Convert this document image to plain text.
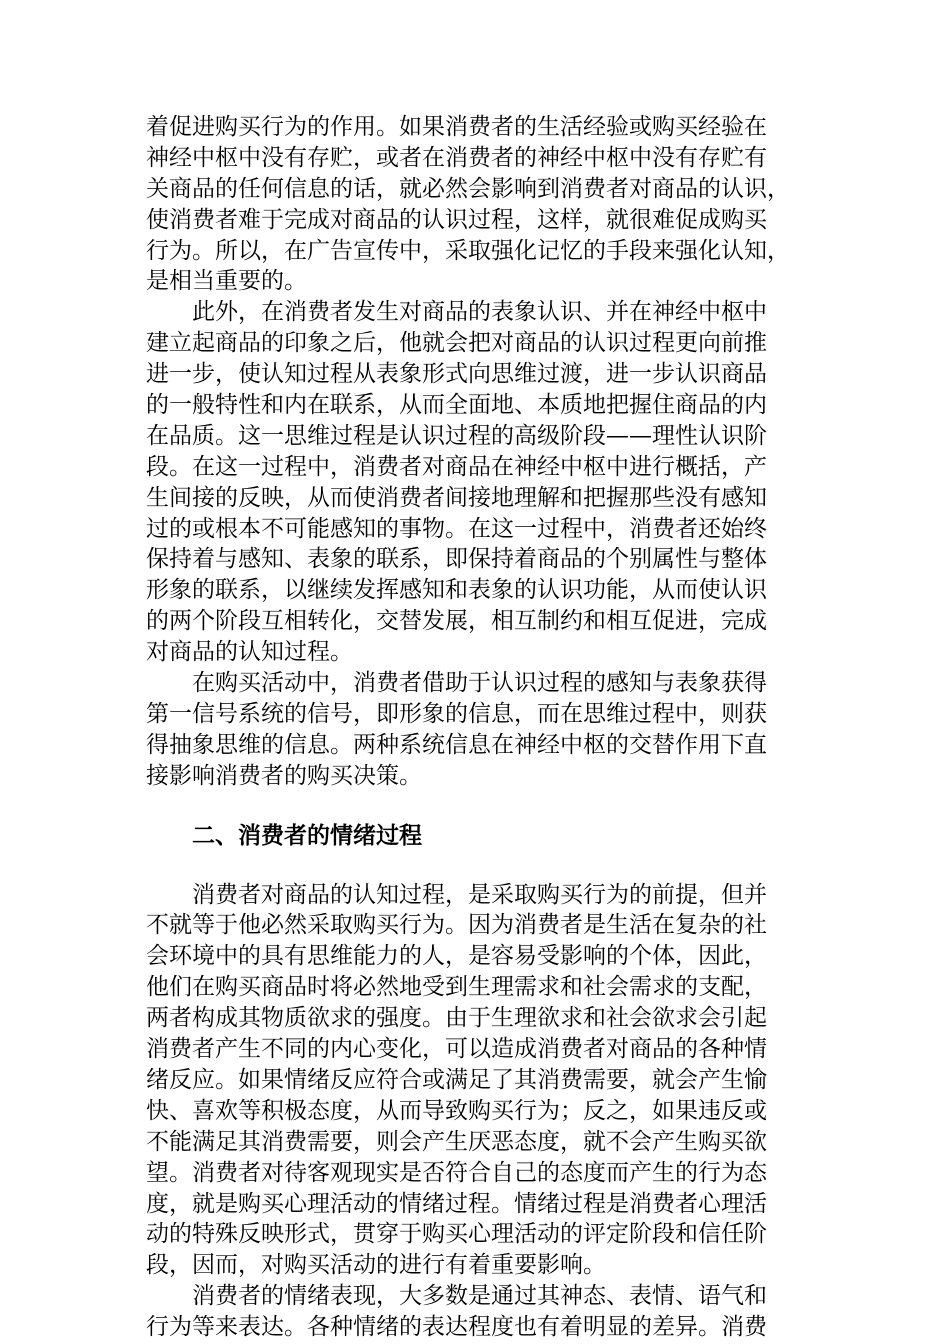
着促进购买行为的作用。如果消费者的生活经验或购买经验在
神经中枢中没有存贮，或者在消费者的神经中枢中没有存贮有
关商品的任何信息的话，就必然会影响到消费者对商品的认识，
使消费者难于完成对商品的认识过程，这样，就很难促成购买
行为。所以，在广告宣传中，采取强化记忆的手段来强化认知，
是相当重要的。
此外，在消费者发生对商品的表象认识、并在神经中枢中
建立起商品的印象之后，他就会把对商品的认识过程更向前推
进一步，使认知过程从表象形式向思维过渡，进一步认识商品
的一般特性和内在联系，从而全面地、本质地把握住商品的内
在品质。这一思维过程是认识过程的高级阶段——理性认识阶
段。在这一过程中，消费者对商品在神经中枢中进行概括，产
生间接的反映，从而使消费者间接地理解和把握那些没有感知
过的或根本不可能感知的事物。在这一过程中，消费者还始终
保持着与感知、表象的联系，即保持着商品的个别属性与整体
形象的联系，以继续发挥感知和表象的认识功能，从而使认识
的两个阶段互相转化，交替发展，相互制约和相互促进，完成
对商品的认知过程。
在购买活动中，消费者借助于认识过程的感知与表象获得
第一信号系统的信号，即形象的信息，而在思维过程中，则获
得抽象思维的信息。两种系统信息在神经中枢的交替作用下直
接影响消费者的购买决策。
二、消费者的情绪过程
消费者对商品的认知过程，是采取购买行为的前提，但并
不就等于他必然采取购买行为。因为消费者是生活在复杂的社
会环境中的具有思维能力的人，是容易受影响的个体，因此，
他们在购买商品时将必然地受到生理需求和社会需求的支配，
两者构成其物质欲求的强度。由于生理欲求和社会欲求会引起
消费者产生不同的内心变化，可以造成消费者对商品的各种情
绪反应。如果情绪反应符合或满足了其消费需要，就会产生愉
快、喜欢等积极态度，从而导致购买行为；反之，如果违反或
不能满足其消费需要，则会产生厌恶态度，就不会产生购买欲
望。消费者对待客观现实是否符合自己的态度而产生的行为态
度，就是购买心理活动的情绪过程。情绪过程是消费者心理活
动的特殊反映形式，贯穿于购买心理活动的评定阶段和信任阶
段，因而，对购买活动的进行有着重要影响。
消费者的情绪表现，大多数是通过其神态、表情、语气和
行为等来表达。各种情绪的表达程度也有着明显的差异。消费
